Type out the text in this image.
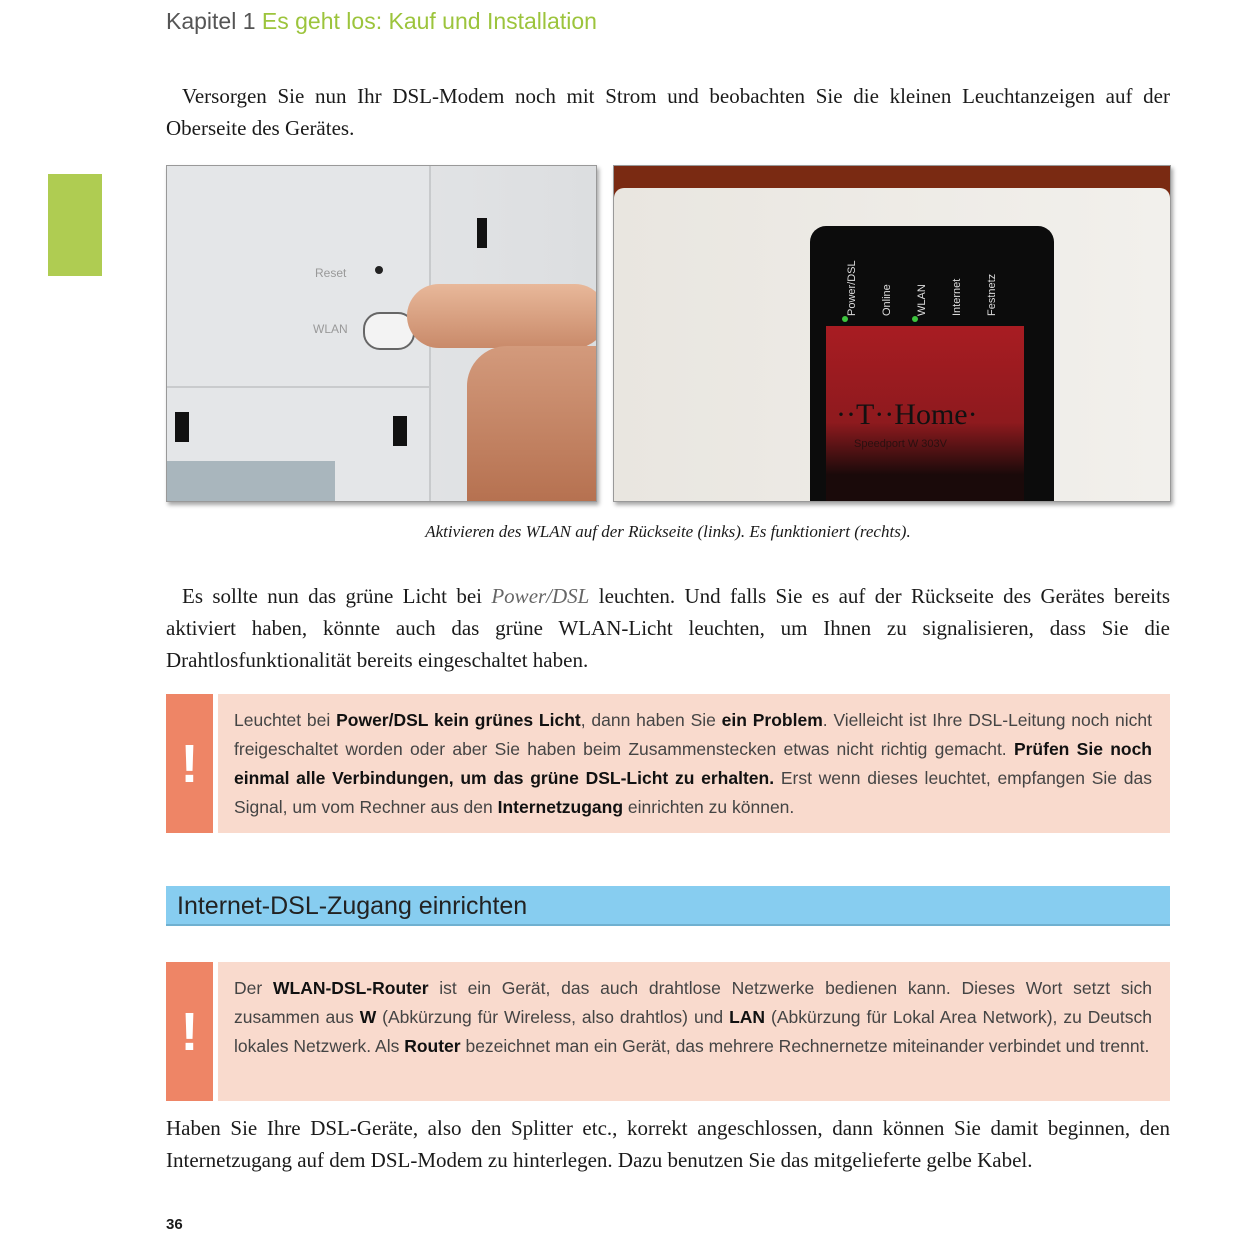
Kapitel 1 Es geht los: Kauf und Installation
Versorgen Sie nun Ihr DSL-Modem noch mit Strom und beobachten Sie die kleinen Leuchtanzeigen auf der Oberseite des Gerätes.
Reset
WLAN
Power/DSL Online WLAN Internet Festnetz
··T··Home·
Speedport W 303V
Aktivieren des WLAN auf der Rückseite (links). Es funktioniert (rechts).
Es sollte nun das grüne Licht bei Power/DSL leuchten. Und falls Sie es auf der Rückseite des Gerätes bereits aktiviert haben, könnte auch das grüne WLAN-Licht leuchten, um Ihnen zu signalisieren, dass Sie die Drahtlosfunktionalität bereits eingeschaltet haben.
!
Leuchtet bei Power/DSL kein grünes Licht, dann haben Sie ein Problem. Vielleicht ist Ihre DSL-Leitung noch nicht freigeschaltet worden oder aber Sie haben beim Zusammenstecken etwas nicht richtig gemacht. Prüfen Sie noch einmal alle Verbindungen, um das grüne DSL-Licht zu erhalten. Erst wenn dieses leuchtet, empfangen Sie das Signal, um vom Rechner aus den Internetzugang einrichten zu können.
Internet-DSL-Zugang einrichten
!
Der WLAN-DSL-Router ist ein Gerät, das auch drahtlose Netzwerke bedienen kann. Dieses Wort setzt sich zusammen aus W (Abkürzung für Wireless, also drahtlos) und LAN (Abkürzung für Lokal Area Network), zu Deutsch lokales Netzwerk. Als Router bezeichnet man ein Gerät, das mehrere Rechnernetze miteinander verbindet und trennt.
Haben Sie Ihre DSL-Geräte, also den Splitter etc., korrekt angeschlossen, dann können Sie damit beginnen, den Internetzugang auf dem DSL-Modem zu hinterlegen. Dazu benutzen Sie das mitgelieferte gelbe Kabel.
36
